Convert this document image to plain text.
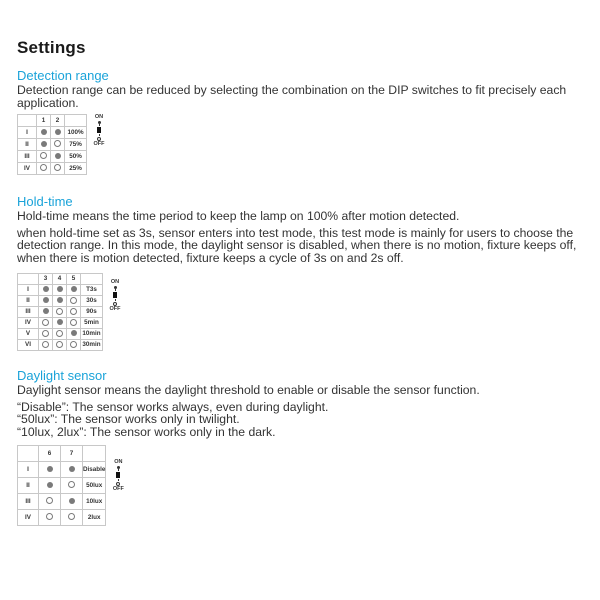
Settings
Detection range

Detection range can be reduced by selecting the combination on the DIP switches to fit precisely each application.

	1	2	
I			100%
II			75%
III			50%
IV			25%
ON
OFF
Hold-time

Hold-time means the time period to keep the lamp on 100% after motion detected.

when hold-time set as 3s, sensor enters into test mode, this test mode is mainly for users to choose the detection range. In this mode, the daylight sensor is disabled, when there is no motion, fixture keeps off, when there is motion detected, fixture keeps a cycle of 3s on and 2s off.

	3	4	5	
I				T3s
II				30s
III				90s
IV				5min
V				10min
VI				30min
ON
OFF
Daylight sensor

Daylight sensor means the daylight threshold to enable or disable the sensor function.

“Disable”: The sensor works always, even during daylight.

“50lux”: The sensor works only in twilight.

“10lux, 2lux”: The sensor works only in the dark.

	6	7	
I			Disable
II			50lux
III			10lux
IV			2lux
ON
OFF
